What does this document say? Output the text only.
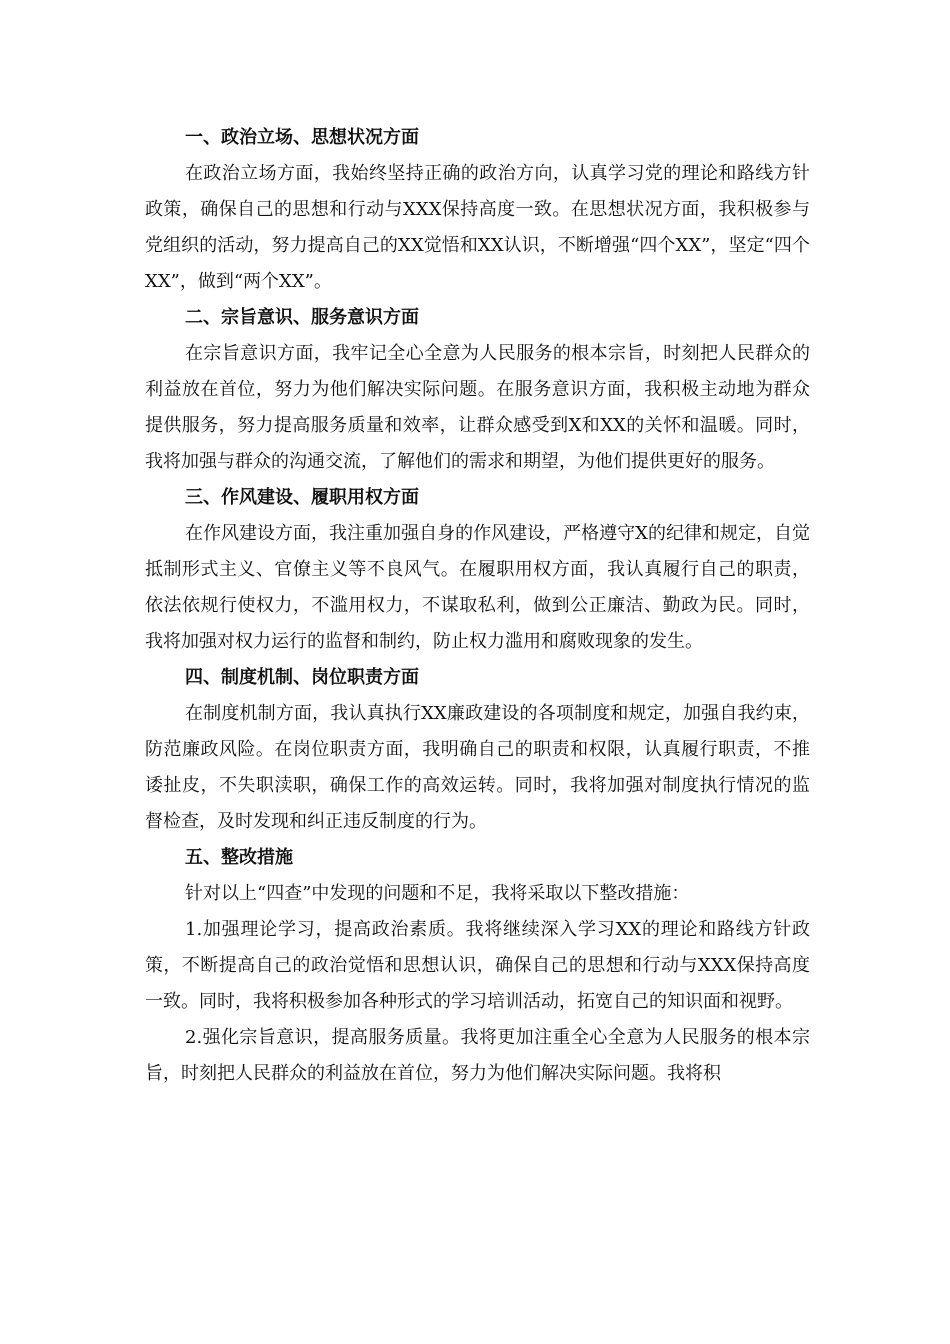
一、政治立场、思想状况方面

在政治立场方面，我始终坚持正确的政治方向，认真学习党的理论和路线方针政策，确保自己的思想和行动与XXX保持高度一致。在思想状况方面，我积极参与党组织的活动，努力提高自己的XX觉悟和XX认识，不断增强“四个XX”，坚定“四个XX”，做到“两个XX”。

二、宗旨意识、服务意识方面

在宗旨意识方面，我牢记全心全意为人民服务的根本宗旨，时刻把人民群众的利益放在首位，努力为他们解决实际问题。在服务意识方面，我积极主动地为群众提供服务，努力提高服务质量和效率，让群众感受到X和XX的关怀和温暖。同时，我将加强与群众的沟通交流，了解他们的需求和期望，为他们提供更好的服务。

三、作风建设、履职用权方面

在作风建设方面，我注重加强自身的作风建设，严格遵守X的纪律和规定，自觉抵制形式主义、官僚主义等不良风气。在履职用权方面，我认真履行自己的职责，依法依规行使权力，不滥用权力，不谋取私利，做到公正廉洁、勤政为民。同时，我将加强对权力运行的监督和制约，防止权力滥用和腐败现象的发生。

四、制度机制、岗位职责方面

在制度机制方面，我认真执行XX廉政建设的各项制度和规定，加强自我约束，防范廉政风险。在岗位职责方面，我明确自己的职责和权限，认真履行职责，不推诿扯皮，不失职渎职，确保工作的高效运转。同时，我将加强对制度执行情况的监督检查，及时发现和纠正违反制度的行为。

五、整改措施

针对以上“四查”中发现的问题和不足，我将采取以下整改措施：

1.加强理论学习，提高政治素质。我将继续深入学习XX的理论和路线方针政策，不断提高自己的政治觉悟和思想认识，确保自己的思想和行动与XXX保持高度一致。同时，我将积极参加各种形式的学习培训活动，拓宽自己的知识面和视野。

2.强化宗旨意识，提高服务质量。我将更加注重全心全意为人民服务的根本宗旨，时刻把人民群众的利益放在首位，努力为他们解决实际问题。我将积
